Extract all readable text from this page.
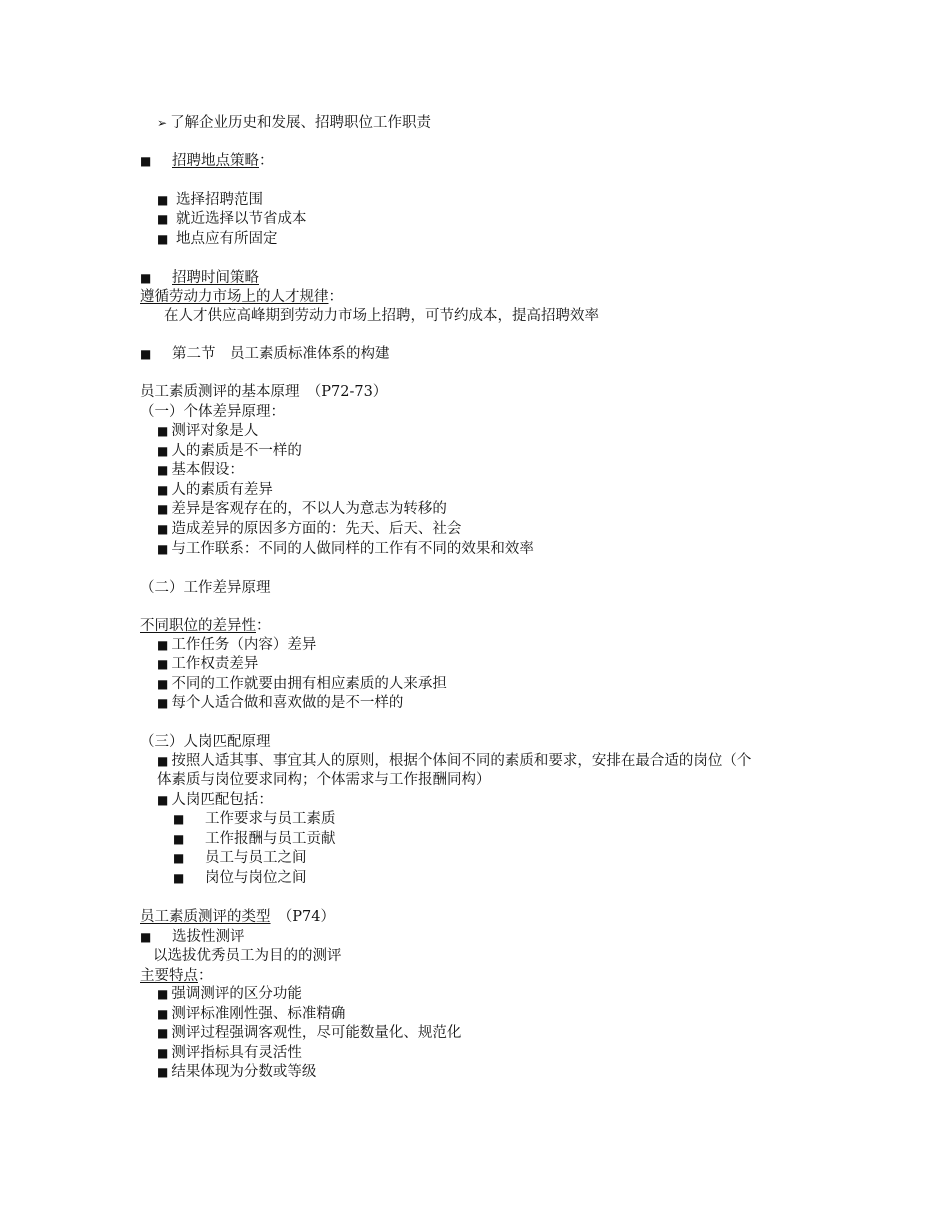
➢ 了解企业历史和发展、招聘职位工作职责
■ 招聘地点策略：
■ 选择招聘范围
■ 就近选择以节省成本
■ 地点应有所固定
■ 招聘时间策略
遵循劳动力市场上的人才规律：
在人才供应高峰期到劳动力市场上招聘，可节约成本，提高招聘效率
■ 第二节　员工素质标准体系的构建
员工素质测评的基本原理　（P72-73）
（一）个体差异原理：
■ 测评对象是人
■ 人的素质是不一样的
■ 基本假设：
■ 人的素质有差异
■ 差异是客观存在的，不以人为意志为转移的
■ 造成差异的原因多方面的：先天、后天、社会
■ 与工作联系：不同的人做同样的工作有不同的效果和效率
（二）工作差异原理
不同职位的差异性：
■ 工作任务（内容）差异
■ 工作权责差异
■ 不同的工作就要由拥有相应素质的人来承担
■ 每个人适合做和喜欢做的是不一样的
（三）人岗匹配原理
■ 按照人适其事、事宜其人的原则，根据个体间不同的素质和要求，安排在最合适的岗位（个
体素质与岗位要求同构；个体需求与工作报酬同构）
■ 人岗匹配包括：
■ 工作要求与员工素质
■ 工作报酬与员工贡献
■ 员工与员工之间
■ 岗位与岗位之间
员工素质测评的类型　 （P74）
■ 选拔性测评
以选拔优秀员工为目的的测评
主要特点：
■ 强调测评的区分功能
■ 测评标准刚性强、标准精确
■ 测评过程强调客观性，尽可能数量化、规范化
■ 测评指标具有灵活性
■ 结果体现为分数或等级
